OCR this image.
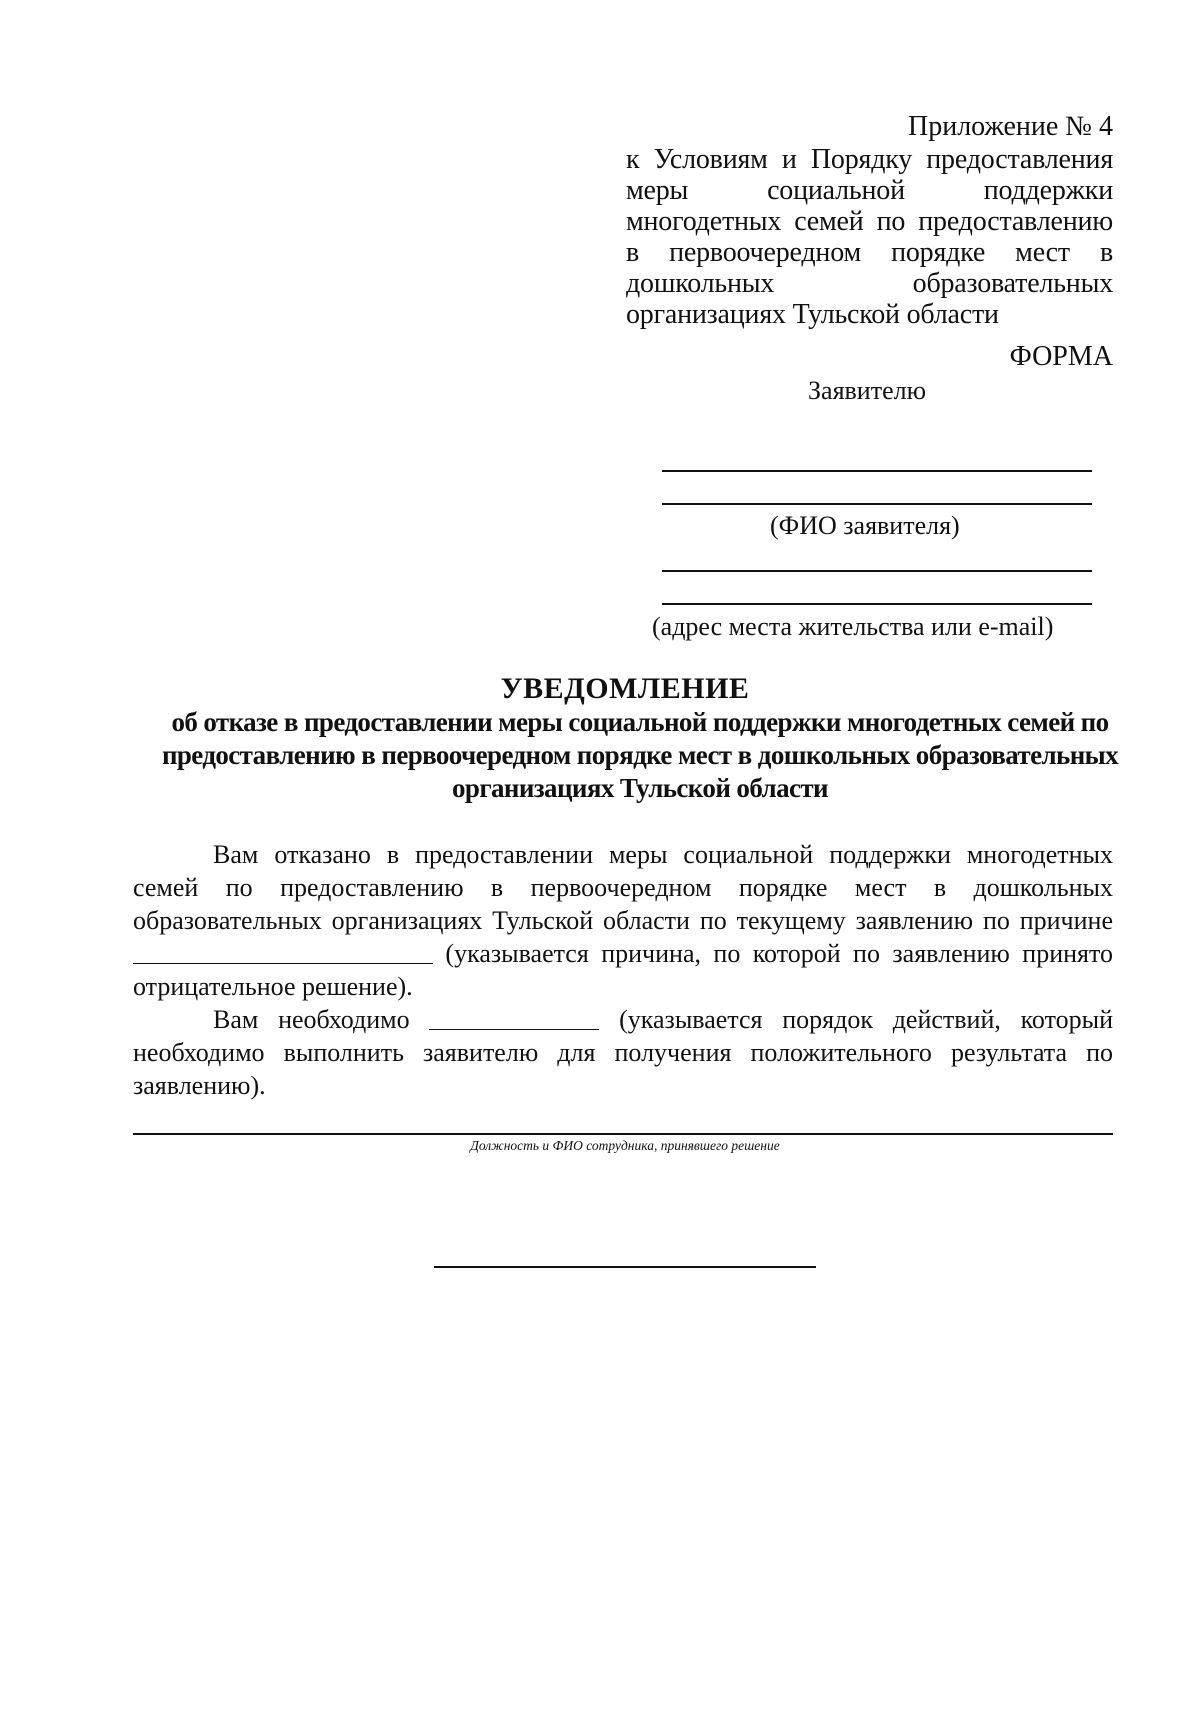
Приложение № 4
к Условиям и Порядку предоставления меры социальной поддержки многодетных семей по предоставлению в первоочередном порядке мест в дошкольных образовательных организациях Тульской области
ФОРМА
Заявителю
(ФИО заявителя)
(адрес места жительства или e-mail)
УВЕДОМЛЕНИЕ
об отказе в предоставлении меры социальной поддержки многодетных семей по предоставлению в первоочередном порядке мест в дошкольных образовательных организациях Тульской области
Вам отказано в предоставлении меры социальной поддержки многодетных семей по предоставлению в первоочередном порядке мест в дошкольных образовательных организациях Тульской области по текущему заявлению по причине (указывается причина, по которой по заявлению принято отрицательное решение).
Вам необходимо	(указывается порядок действий, который необходимо выполнить заявителю для получения положительного результата по заявлению).
Должность и ФИО сотрудника, принявшего решение
